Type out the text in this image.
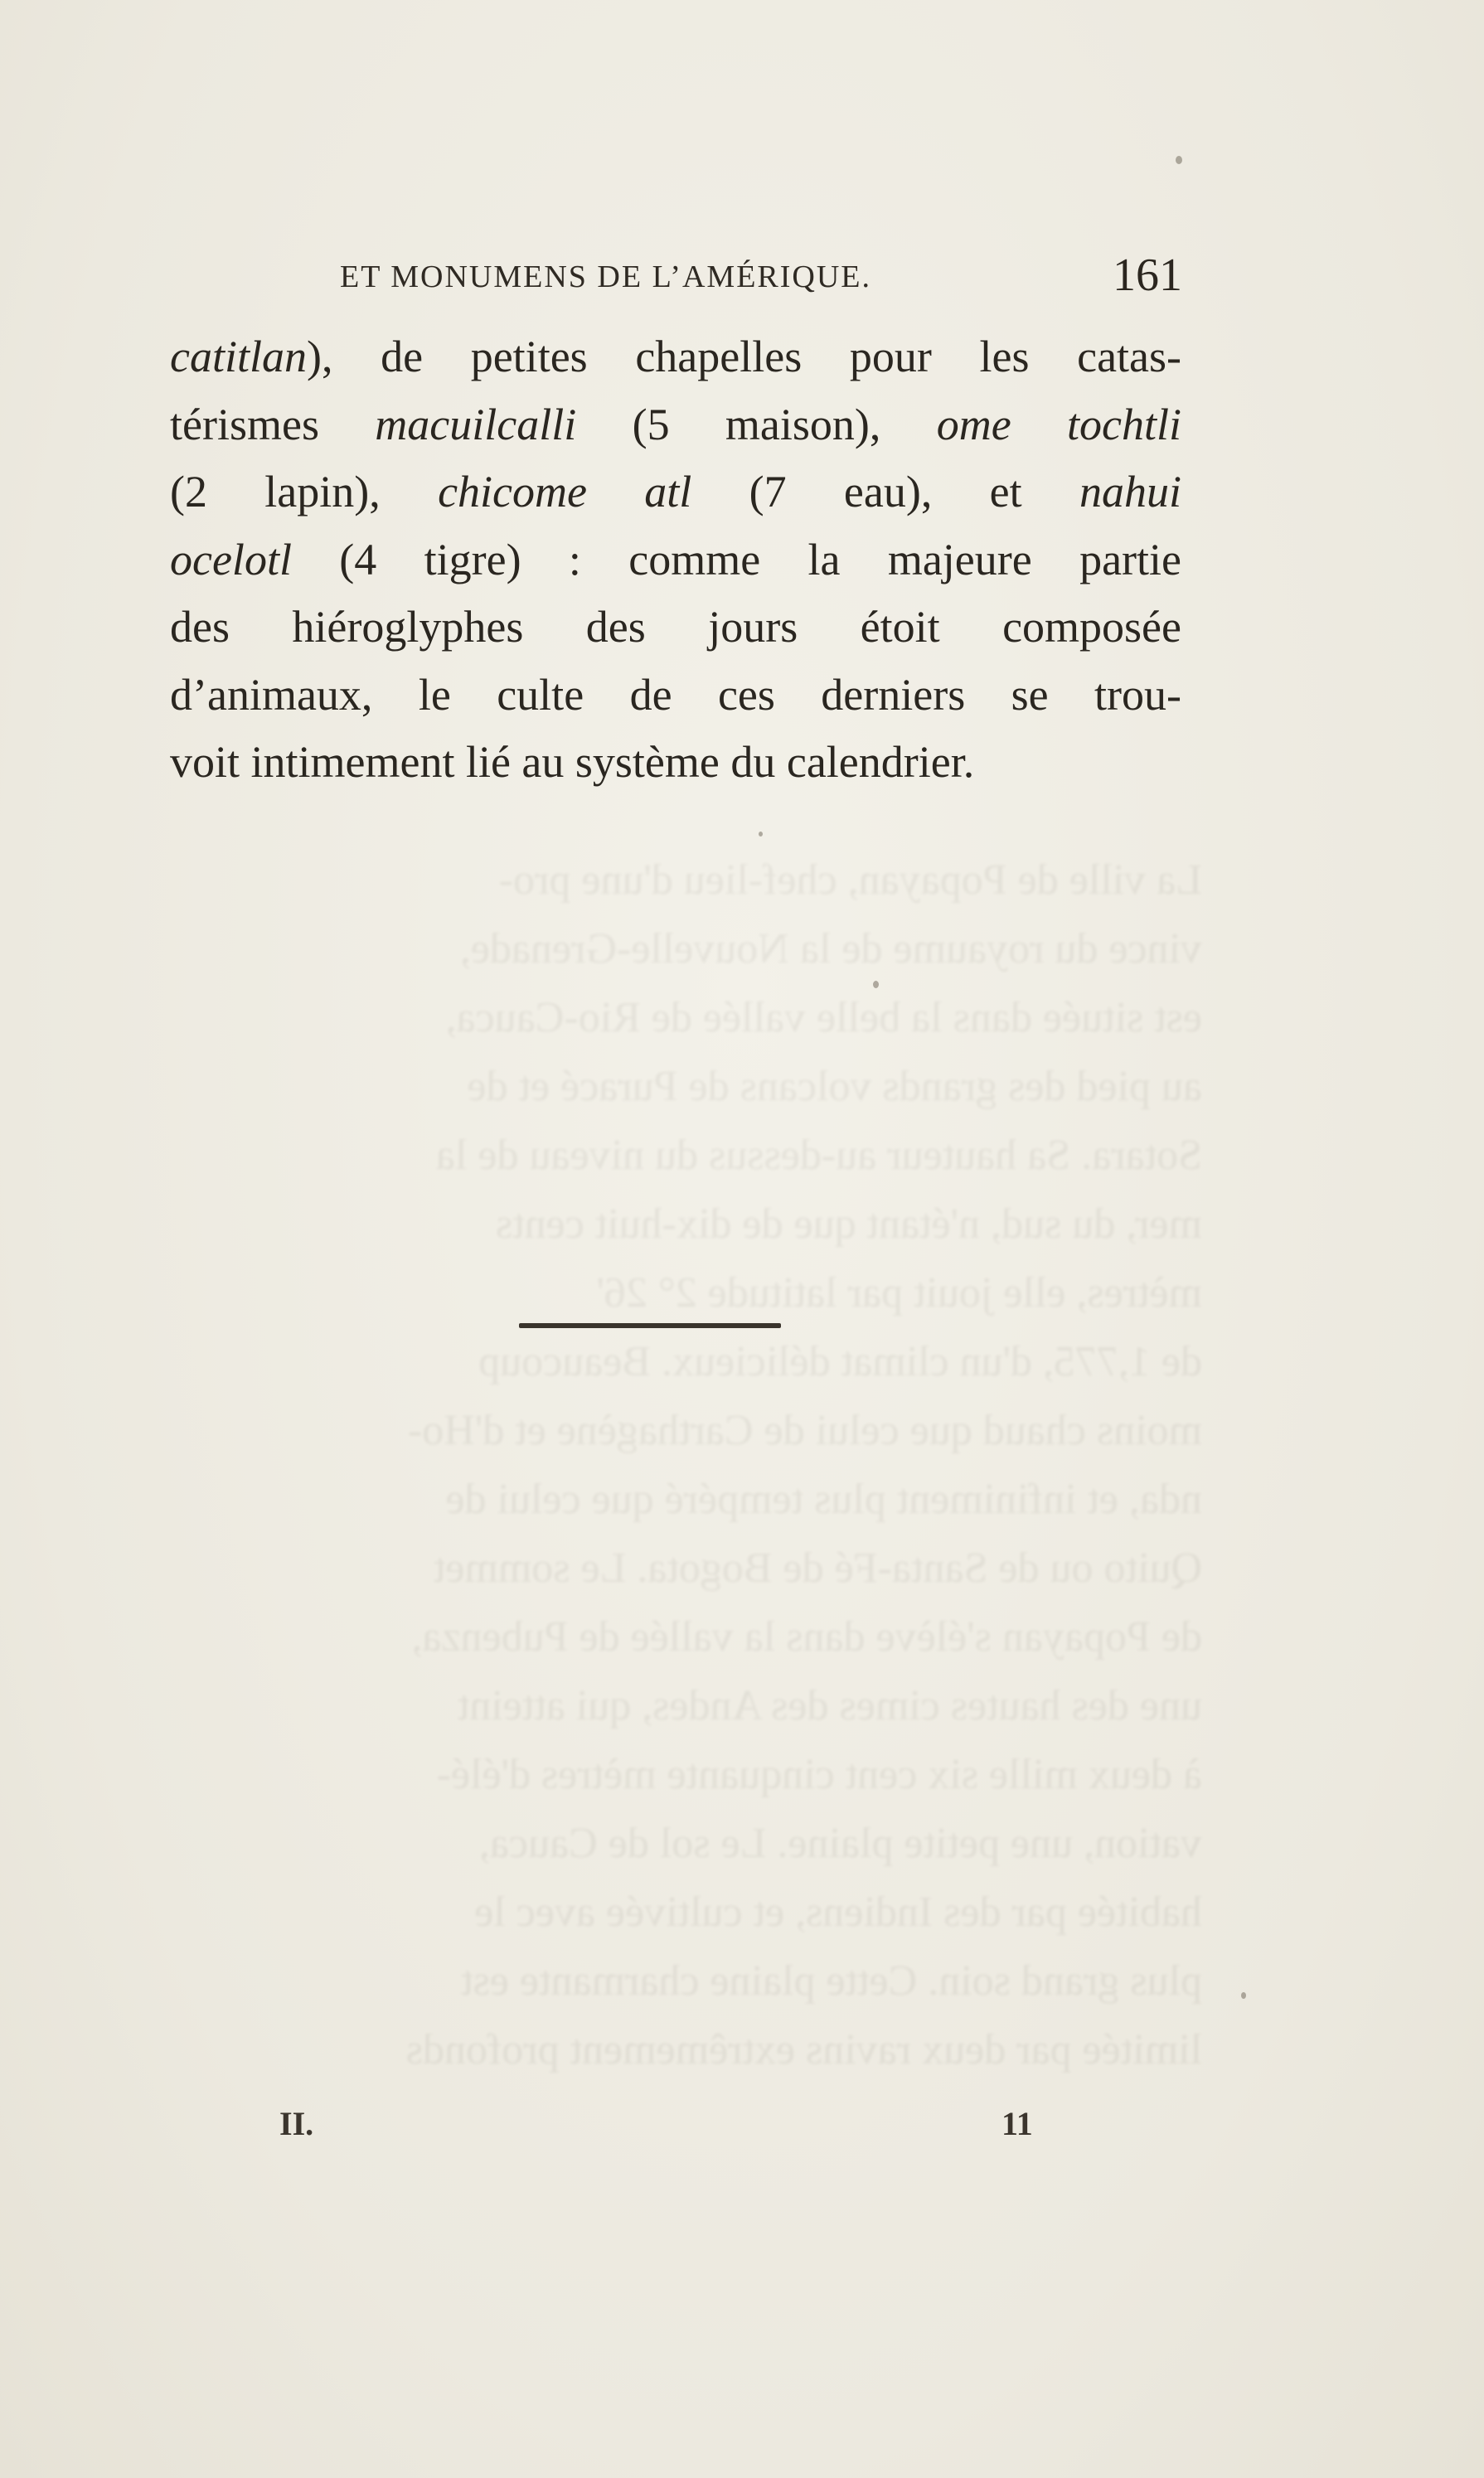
La ville de Popayan, chef-lieu d'une pro-
vince du royaume de la Nouvelle-Grenade,
est située dans la belle vallée de Rio-Cauca,
au pied des grands volcans de Puracé et de
Sotara. Sa hauteur au-dessus du niveau de la
mer, du sud, n'étant que de dix-huit cents
mètres, elle jouit par latitude 2° 26'
de 1,775, d'un climat délicieux. Beaucoup
moins chaud que celui de Carthagène et d'Ho-
nda, et infiniment plus tempéré que celui de
Quito ou de Santa-Fé de Bogota. Le sommet
de Popayan s'élève dans la vallée de Pubenza,
une des hautes cimes des Andes, qui atteint
à deux mille six cent cinquante mètres d'élé-
vation, une petite plaine. Le sol de Cauca,
habitée par des Indiens, et cultivée avec le
plus grand soin. Cette plaine charmante est
limitée par deux ravins extrêmement profonds
ET MONUMENS DE L’AMÉRIQUE.	161
catitlan), de petites chapelles pour les catas-
térismes macuilcalli (5 maison), ome tochtli
(2 lapin), chicome atl (7 eau), et nahui
ocelotl (4 tigre) : comme la majeure partie
des hiéroglyphes des jours étoit composée
d’animaux, le culte de ces derniers se trou-
voit intimement lié au système du calendrier.
II.	11
